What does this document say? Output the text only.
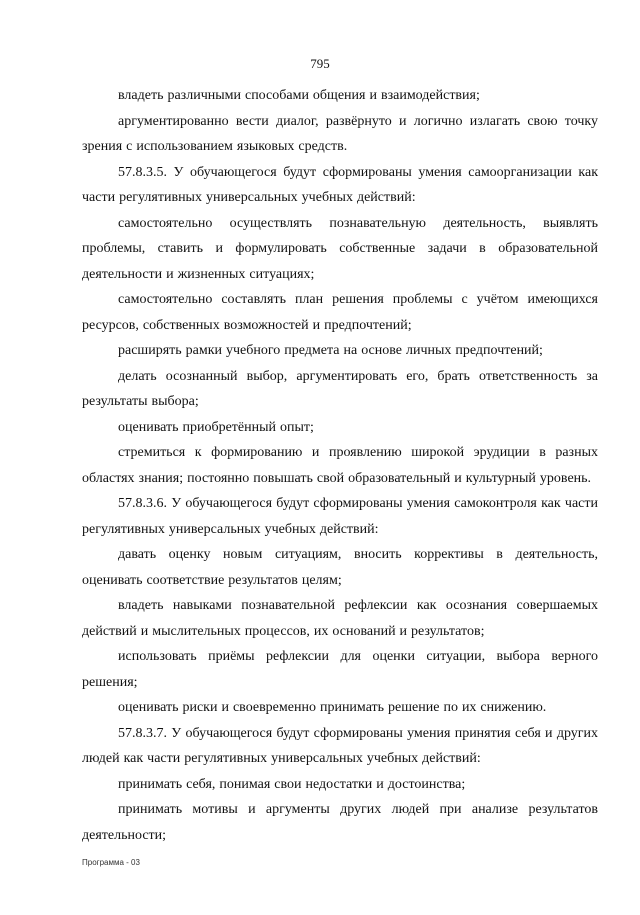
795

владеть различными способами общения и взаимодействия;

аргументированно вести диалог, развёрнуто и логично излагать свою точку зрения с использованием языковых средств.

57.8.3.5. У обучающегося будут сформированы умения самоорганизации как части регулятивных универсальных учебных действий:

самостоятельно осуществлять познавательную деятельность, выявлять проблемы, ставить и формулировать собственные задачи в образовательной деятельности и жизненных ситуациях;

самостоятельно составлять план решения проблемы с учётом имеющихся ресурсов, собственных возможностей и предпочтений;

расширять рамки учебного предмета на основе личных предпочтений;

делать осознанный выбор, аргументировать его, брать ответственность за результаты выбора;

оценивать приобретённый опыт;

стремиться к формированию и проявлению широкой эрудиции в разных областях знания; постоянно повышать свой образовательный и культурный уровень.

57.8.3.6. У обучающегося будут сформированы умения самоконтроля как части регулятивных универсальных учебных действий:

давать оценку новым ситуациям, вносить коррективы в деятельность, оценивать соответствие результатов целям;

владеть навыками познавательной рефлексии как осознания совершаемых действий и мыслительных процессов, их оснований и результатов;

использовать приёмы рефлексии для оценки ситуации, выбора верного решения;

оценивать риски и своевременно принимать решение по их снижению.

57.8.3.7. У обучающегося будут сформированы умения принятия себя и других людей как части регулятивных универсальных учебных действий:

принимать себя, понимая свои недостатки и достоинства;

принимать мотивы и аргументы других людей при анализе результатов деятельности;

Программа - 03
